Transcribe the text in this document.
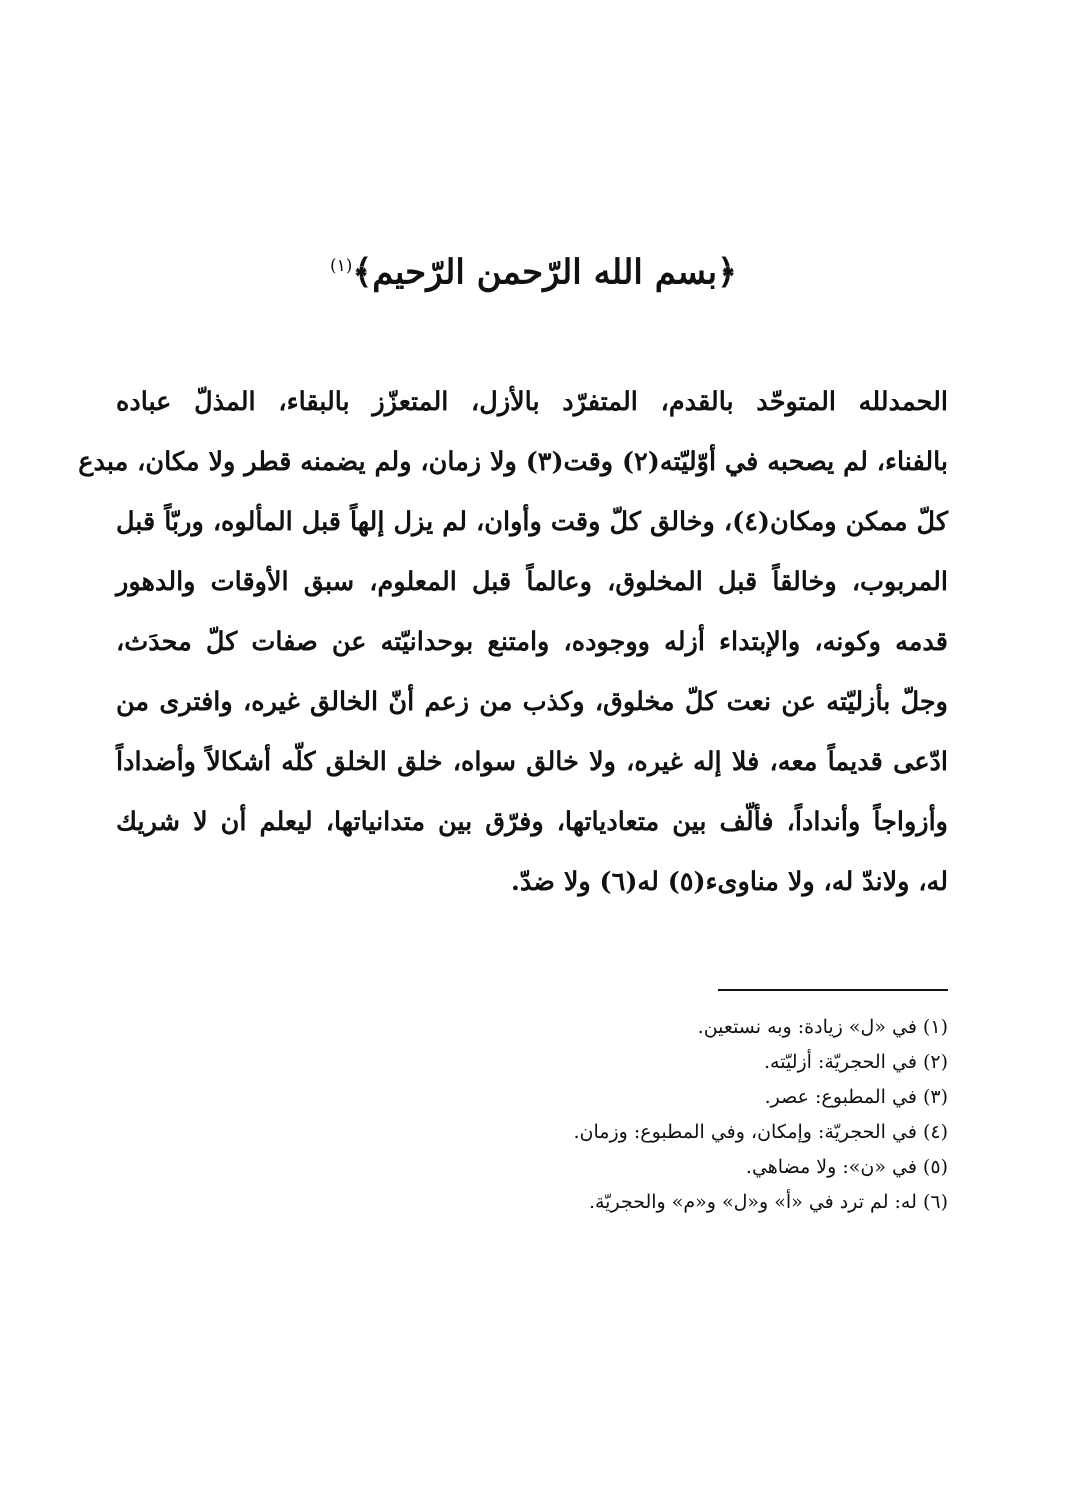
﴿بسم الله الرّحمن الرّحيم﴾$^{(١)}$
الحمدلله المتوحّد بالقدم، المتفرّد بالأزل، المتعزّز بالبقاء، المذلّ عباده
بالفناء، لم يصحبه في أوّليّته(٢) وقت(٣) ولا زمان، ولم يضمنه قطر ولا مكان، مبدع
كلّ ممكن ومكان(٤)، وخالق كلّ وقت وأوان، لم يزل إلهاً قبل المألوه، وربّاً قبل
المربوب، وخالقاً قبل المخلوق، وعالماً قبل المعلوم، سبق الأوقات والدهور
قدمه وكونه، والإبتداء أزله ووجوده، وامتنع بوحدانيّته عن صفات كلّ محدَث،
وجلّ بأزليّته عن نعت كلّ مخلوق، وكذب من زعم أنّ الخالق غيره، وافترى من
ادّعى قديماً معه، فلا إله غيره، ولا خالق سواه، خلق الخلق كلّه أشكالاً وأضداداً
وأزواجاً وأنداداً، فألّف بين متعادياتها، وفرّق بين متدانياتها، ليعلم أن لا شريك
له، ولاندّ له، ولا مناوىء(٥) له(٦) ولا ضدّ.
(١) في «ل» زيادة: وبه نستعين.
(٢) في الحجريّة: أزليّته.
(٣) في المطبوع: عصر.
(٤) في الحجريّة: وإمكان، وفي المطبوع: وزمان.
(٥) في «ن»: ولا مضاهي.
(٦) له: لم ترد في «أ» و«ل» و«م» والحجريّة.
